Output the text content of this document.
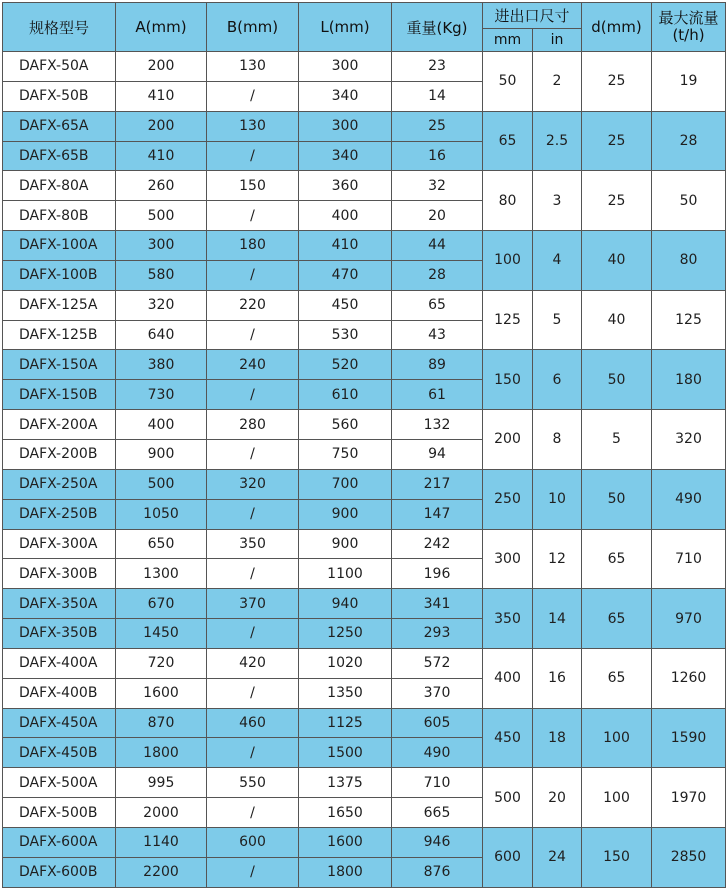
规格型号	A(mm)	B(mm)	L(mm)	重量(Kg)	进出口尺寸		d(mm)	最大流量
(t/h)

					mm	in		
DAFX-50A	200	130	300	23	50	2	25	19
DAFX-50B	410	/	340	14				
DAFX-65A	200	130	300	25	65	2.5	25	28
DAFX-65B	410	/	340	16				
DAFX-80A	260	150	360	32	80	3	25	50
DAFX-80B	500	/	400	20				
DAFX-100A	300	180	410	44	100	4	40	80
DAFX-100B	580	/	470	28				
DAFX-125A	320	220	450	65	125	5	40	125
DAFX-125B	640	/	530	43				
DAFX-150A	380	240	520	89	150	6	50	180
DAFX-150B	730	/	610	61				
DAFX-200A	400	280	560	132	200	8	5	320
DAFX-200B	900	/	750	94				
DAFX-250A	500	320	700	217	250	10	50	490
DAFX-250B	1050	/	900	147				
DAFX-300A	650	350	900	242	300	12	65	710
DAFX-300B	1300	/	1100	196				
DAFX-350A	670	370	940	341	350	14	65	970
DAFX-350B	1450	/	1250	293				
DAFX-400A	720	420	1020	572	400	16	65	1260
DAFX-400B	1600	/	1350	370				
DAFX-450A	870	460	1125	605	450	18	100	1590
DAFX-450B	1800	/	1500	490				
DAFX-500A	995	550	1375	710	500	20	100	1970
DAFX-500B	2000	/	1650	665				
DAFX-600A	1140	600	1600	946	600	24	150	2850
DAFX-600B	2200	/	1800	876				
